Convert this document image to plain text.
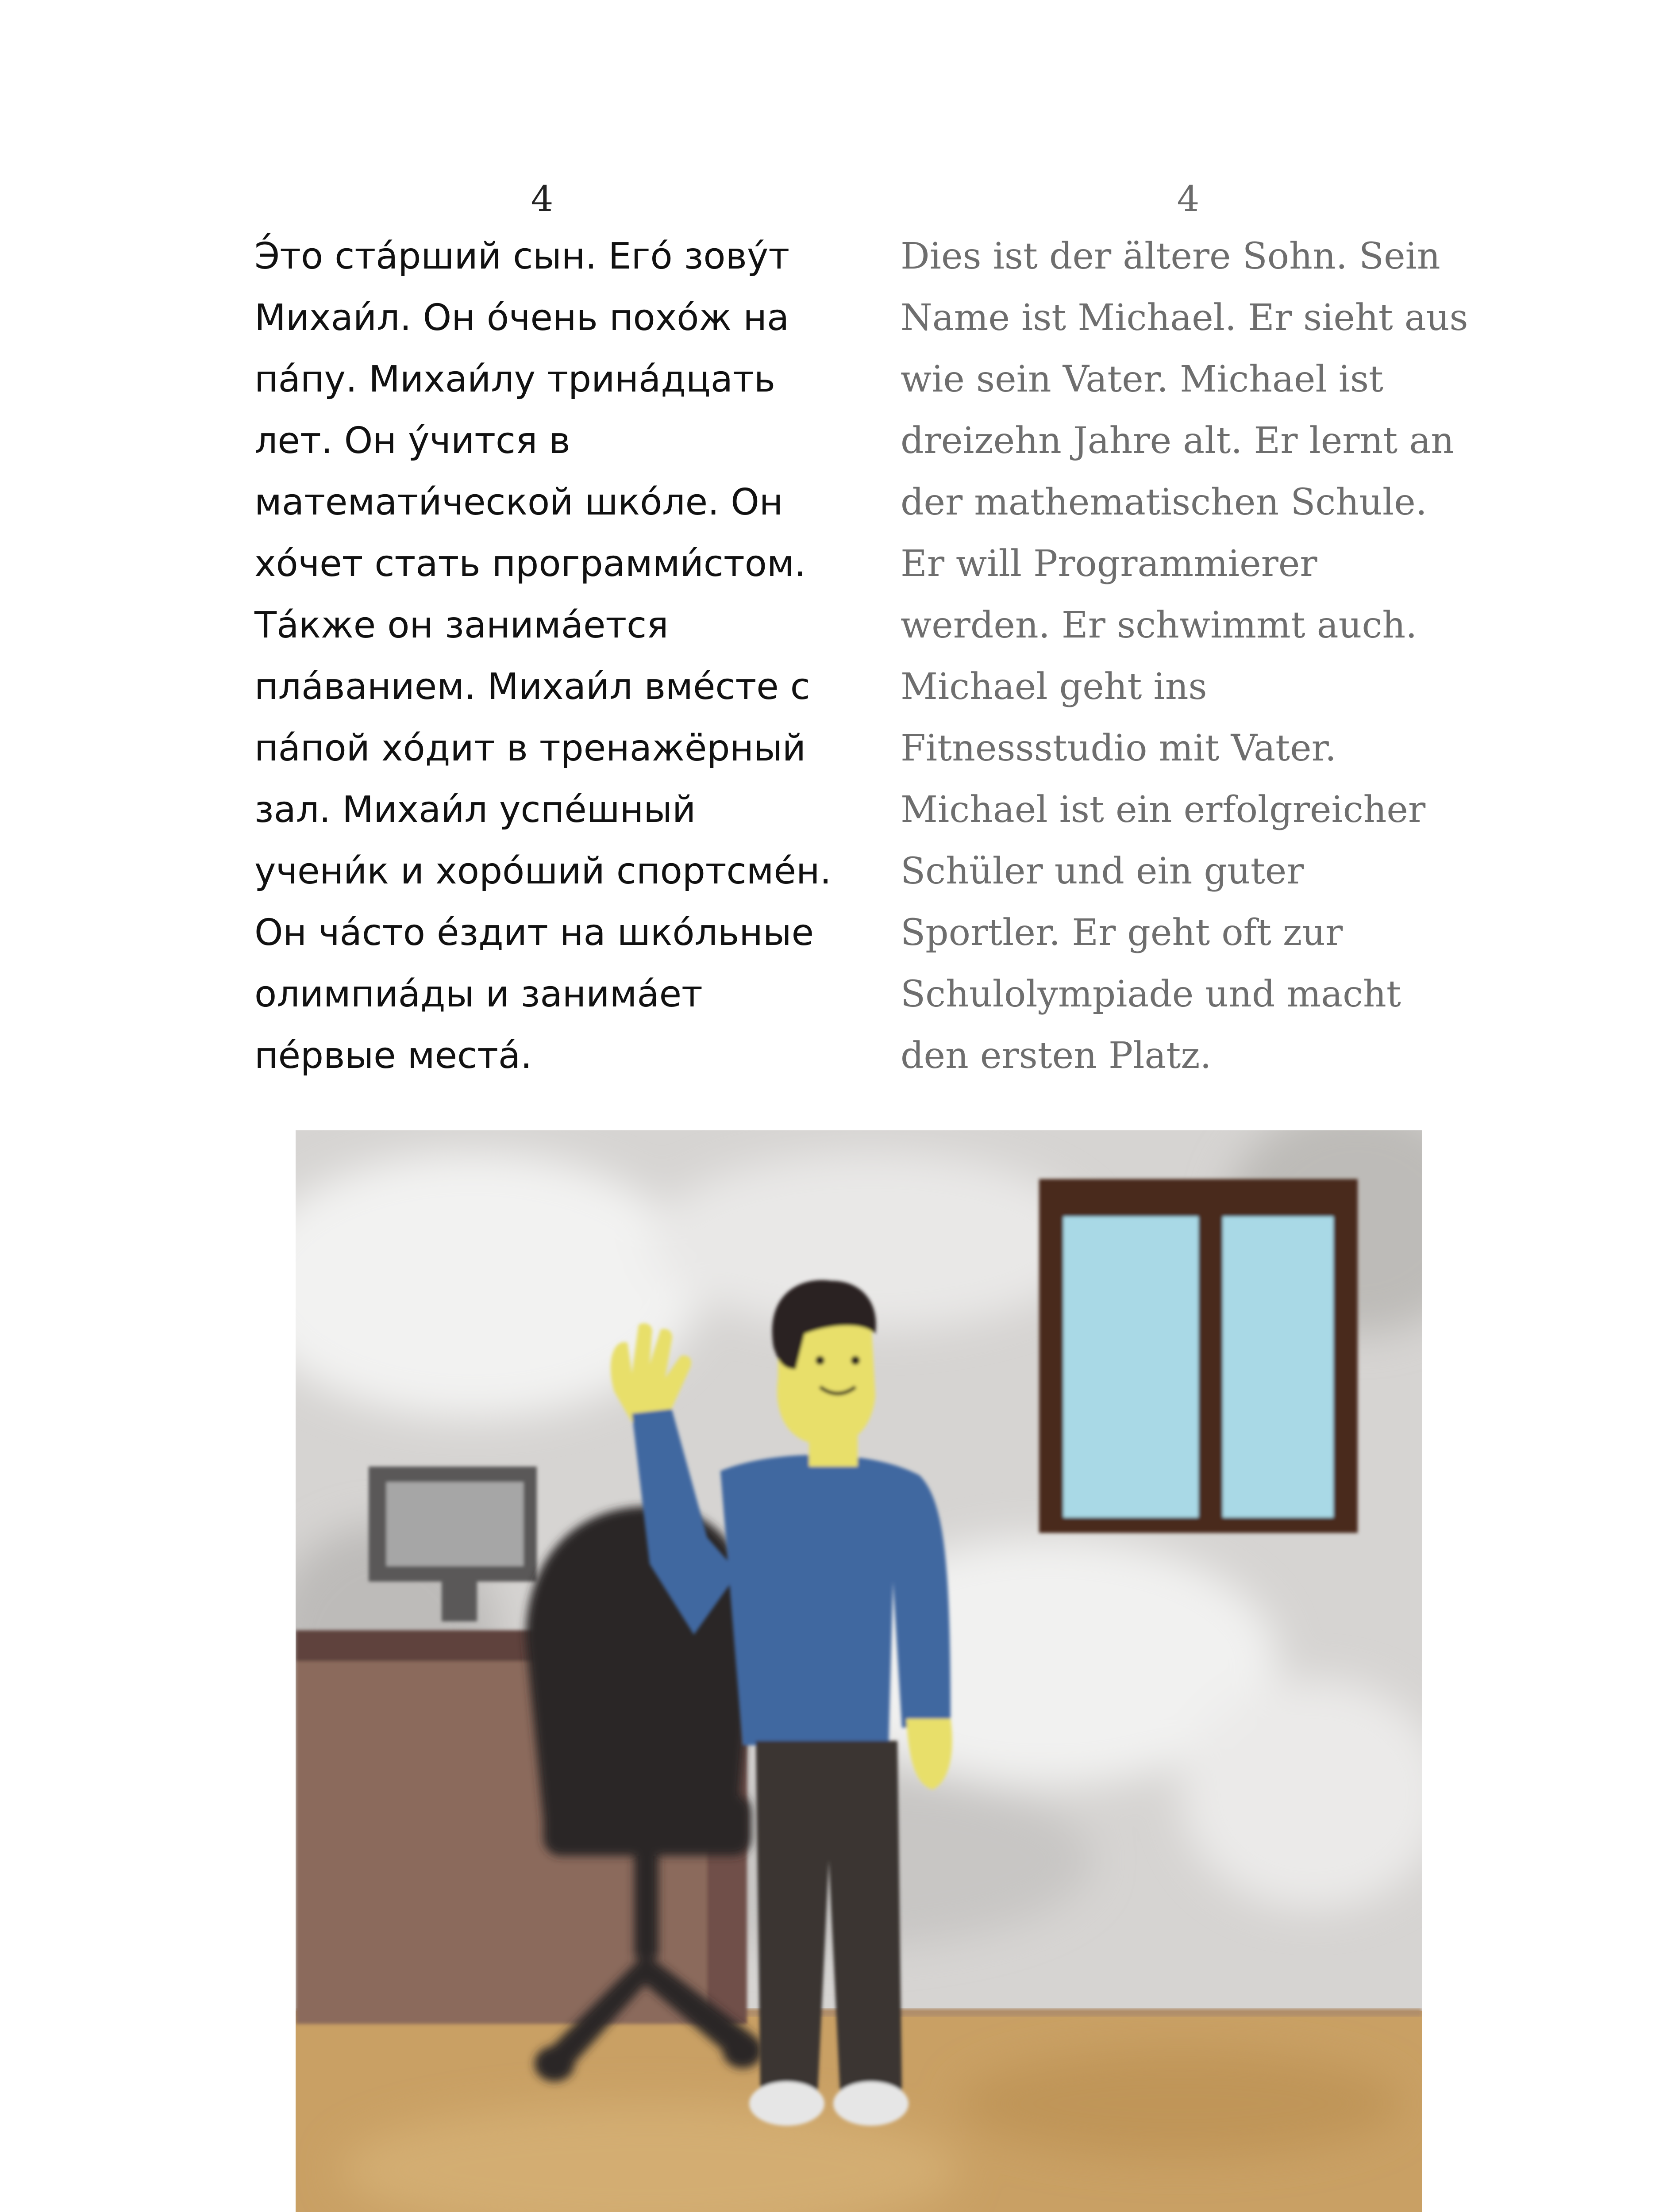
4
Э́то ста́рший сын. Его́ зову́т
Михаи́л. Он о́чень похо́ж на
па́пу. Михаи́лу трина́дцать
лет. Он у́чится в
математи́ческой шко́ле. Он
хо́чет стать программи́стом.
Та́кже он занима́ется
пла́ванием. Михаи́л вме́сте с
па́пой хо́дит в тренажёрный
зал. Михаи́л успе́шный
учени́к и хоро́ший спортсме́н.
Он ча́сто е́здит на шко́льные
олимпиа́ды и занима́ет
пе́рвые места́.
4
Dies ist der ältere Sohn. Sein
Name ist Michael. Er sieht aus
wie sein Vater. Michael ist
dreizehn Jahre alt. Er lernt an
der mathematischen Schule.
Er will Programmierer
werden. Er schwimmt auch.
Michael geht ins
Fitnessstudio mit Vater.
Michael ist ein erfolgreicher
Schüler und ein guter
Sportler. Er geht oft zur
Schulolympiade und macht
den ersten Platz.
